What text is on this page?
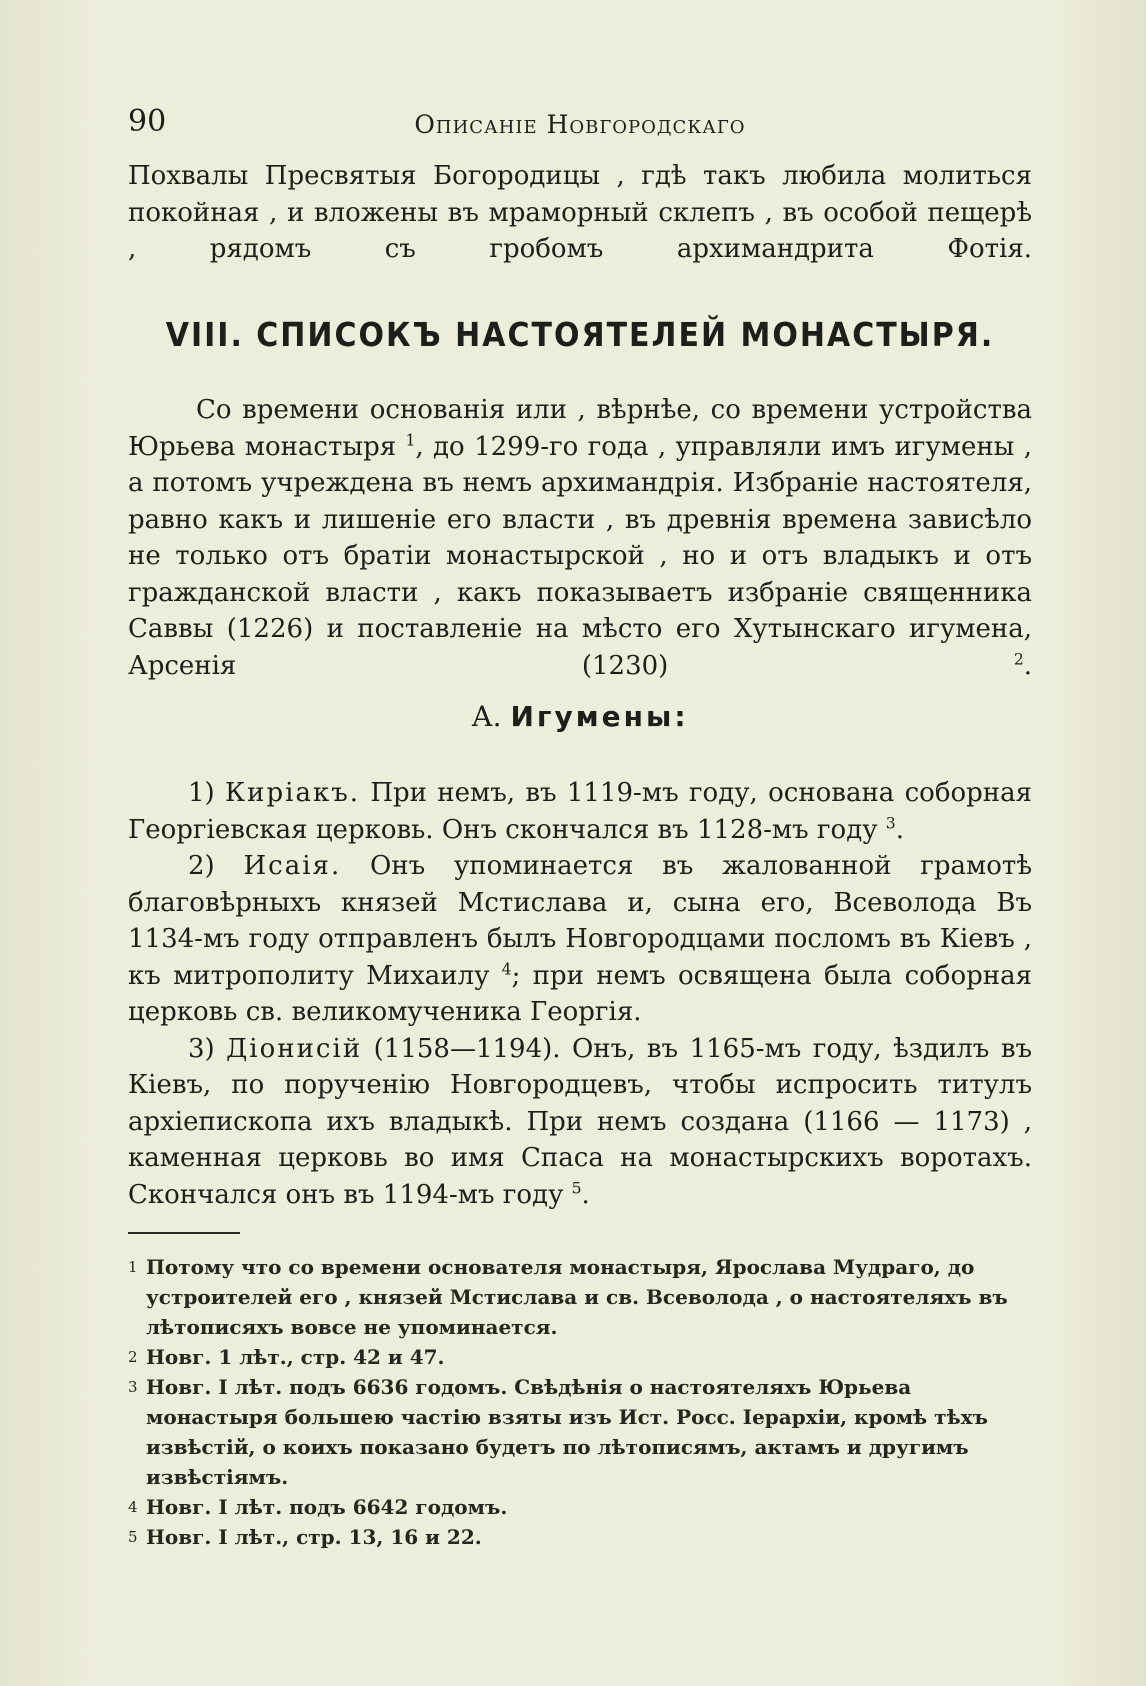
90	Описаніе Новгородскаго

Похвалы Пресвятыя Богородицы , гдѣ такъ любила молиться покойная , и вложены въ мраморный склепъ , въ особой пещерѣ , рядомъ съ гробомъ архимандрита Фотія.

VIII. СПИСОКЪ НАСТОЯТЕЛЕЙ МОНАСТЫРЯ.

Со времени основанія или , вѣрнѣе, со времени устройства Юрьева монастыря $^1$, до 1299-го года , управляли имъ игумены , а потомъ учреждена въ немъ архимандрія. Избраніе настоятеля, равно какъ и лишеніе его власти , въ древнія времена зависѣло не только отъ братіи монастырской , но и отъ владыкъ и отъ гражданской власти , какъ показываетъ избраніе священника Саввы (1226) и поставленіе на мѣсто его Хутынскаго игумена, Арсенія (1230) $^2$.

А. Игумены:

1) Киріакъ. При немъ, въ 1119-мъ году, основана соборная Георгіевская церковь. Онъ скончался въ 1128-мъ году $^3$.

2) Исаія. Онъ упоминается въ жалованной грамотѣ благовѣрныхъ князей Мстислава и, сына его, Всеволода Въ 1134-мъ году отправленъ былъ Новгородцами посломъ въ Кіевъ , къ митрополиту Михаилу $^4$; при немъ освящена была соборная церковь св. великомученика Георгія.

3) Діонисій (1158—1194). Онъ, въ 1165-мъ году, ѣздилъ въ Кіевъ, по порученію Новгородцевъ, чтобы испросить титулъ архіепископа ихъ владыкѣ. При немъ создана (1166 — 1173) , каменная церковь во имя Спаса на монастырскихъ воротахъ. Скончался онъ въ 1194-мъ году $^5$.

1 Потому что со времени основателя монастыря, Ярослава Мудраго, до устроителей его , князей Мстислава и св. Всеволода , о настоятеляхъ въ лѣтописяхъ вовсе не упоминается.

2 Новг. 1 лѣт., стр. 42 и 47.

3 Новг. I лѣт. подъ 6636 годомъ. Свѣдѣнія о настоятеляхъ Юрьева монастыря большею частію взяты изъ Ист. Росс. Іерархіи, кромѣ тѣхъ извѣстій, о коихъ показано будетъ по лѣтописямъ, актамъ и другимъ извѣстіямъ.

4 Новг. I лѣт. подъ 6642 годомъ.

5 Новг. I лѣт., стр. 13, 16 и 22.
